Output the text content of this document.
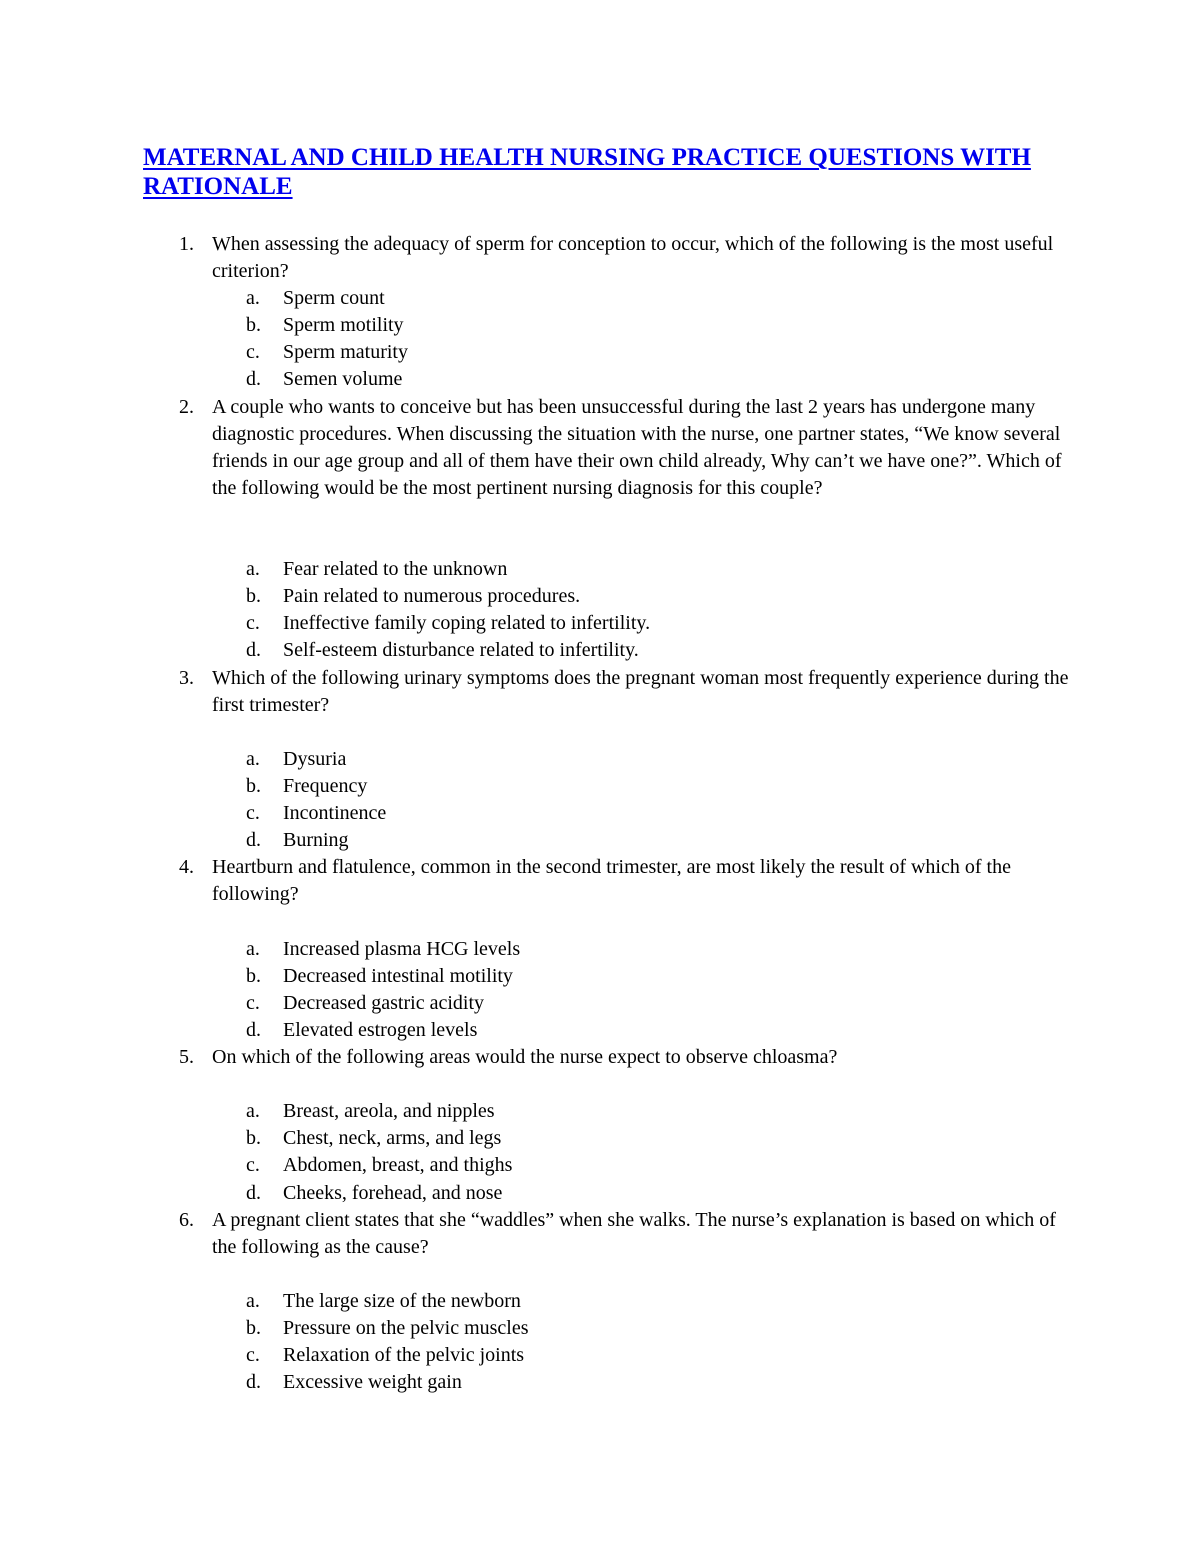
MATERNAL AND CHILD HEALTH NURSING PRACTICE QUESTIONS WITH RATIONALE
1. When assessing the adequacy of sperm for conception to occur, which of the following is the most useful criterion?
a.	Sperm count
b.	Sperm motility
c.	Sperm maturity
d.	Semen volume
2. A couple who wants to conceive but has been unsuccessful during the last 2 years has undergone many diagnostic procedures. When discussing the situation with the nurse, one partner states, “We know several friends in our age group and all of them have their own child already, Why can’t we have one?”. Which of the following would be the most pertinent nursing diagnosis for this couple?
a.	Fear related to the unknown
b.	Pain related to numerous procedures.
c.	Ineffective family coping related to infertility.
d.	Self-esteem disturbance related to infertility.
3. Which of the following urinary symptoms does the pregnant woman most frequently experience during the first trimester?
a.	Dysuria
b.	Frequency
c.	Incontinence
d.	Burning
4. Heartburn and flatulence, common in the second trimester, are most likely the result of which of the following?
a.	Increased plasma HCG levels
b.	Decreased intestinal motility
c.	Decreased gastric acidity
d.	Elevated estrogen levels
5. On which of the following areas would the nurse expect to observe chloasma?
a.	Breast, areola, and nipples
b.	Chest, neck, arms, and legs
c.	Abdomen, breast, and thighs
d.	Cheeks, forehead, and nose
6. A pregnant client states that she “waddles” when she walks. The nurse’s explanation is based on which of the following as the cause?
a.	The large size of the newborn
b.	Pressure on the pelvic muscles
c.	Relaxation of the pelvic joints
d.	Excessive weight gain
